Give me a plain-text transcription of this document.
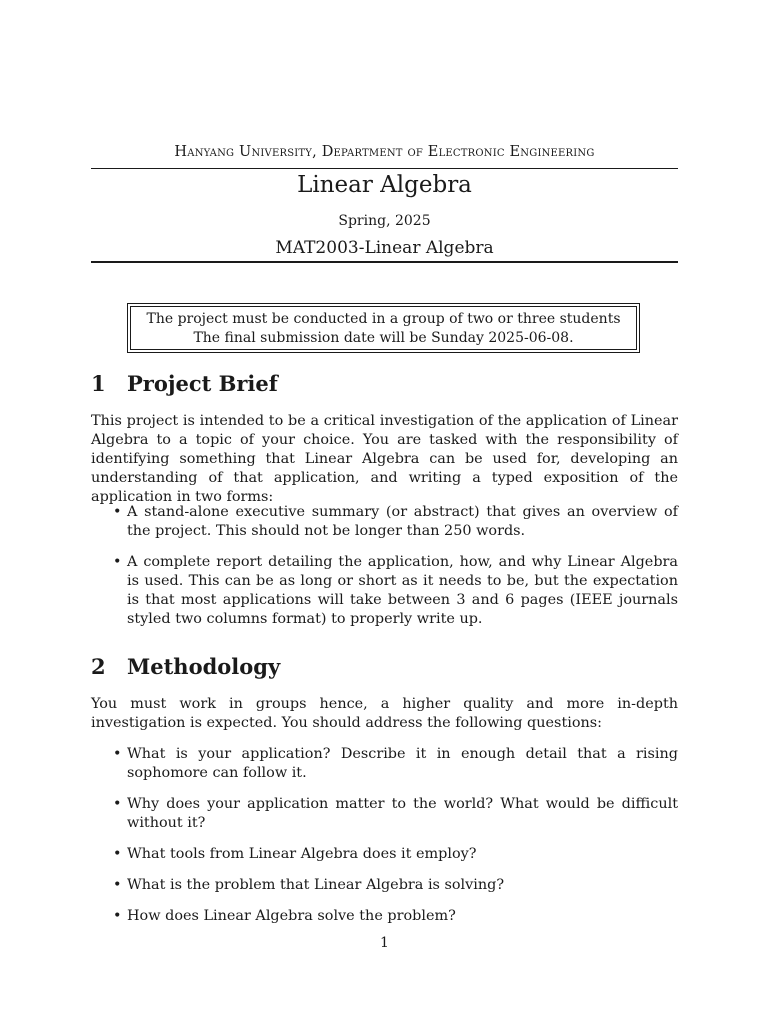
Hanyang University, Department of Electronic Engineering
Linear Algebra
Spring, 2025
MAT2003-Linear Algebra
The project must be conducted in a group of two or three students
The final submission date will be Sunday 2025-06-08.
1 Project Brief
This project is intended to be a critical investigation of the application of Linear Algebra to a topic of your choice. You are tasked with the responsibility of identifying something that Linear Algebra can be used for, developing an understanding of that application, and writing a typed exposition of the application in two forms:
• A stand-alone executive summary (or abstract) that gives an overview of the project. This should not be longer than 250 words.
• A complete report detailing the application, how, and why Linear Algebra is used. This can be as long or short as it needs to be, but the expectation is that most applications will take between 3 and 6 pages (IEEE journals styled two columns format) to properly write up.
2 Methodology
You must work in groups hence, a higher quality and more in-depth investigation is expected. You should address the following questions:
• What is your application? Describe it in enough detail that a rising sophomore can follow it.
• Why does your application matter to the world? What would be difficult without it?
• What tools from Linear Algebra does it employ?
• What is the problem that Linear Algebra is solving?
• How does Linear Algebra solve the problem?
1
